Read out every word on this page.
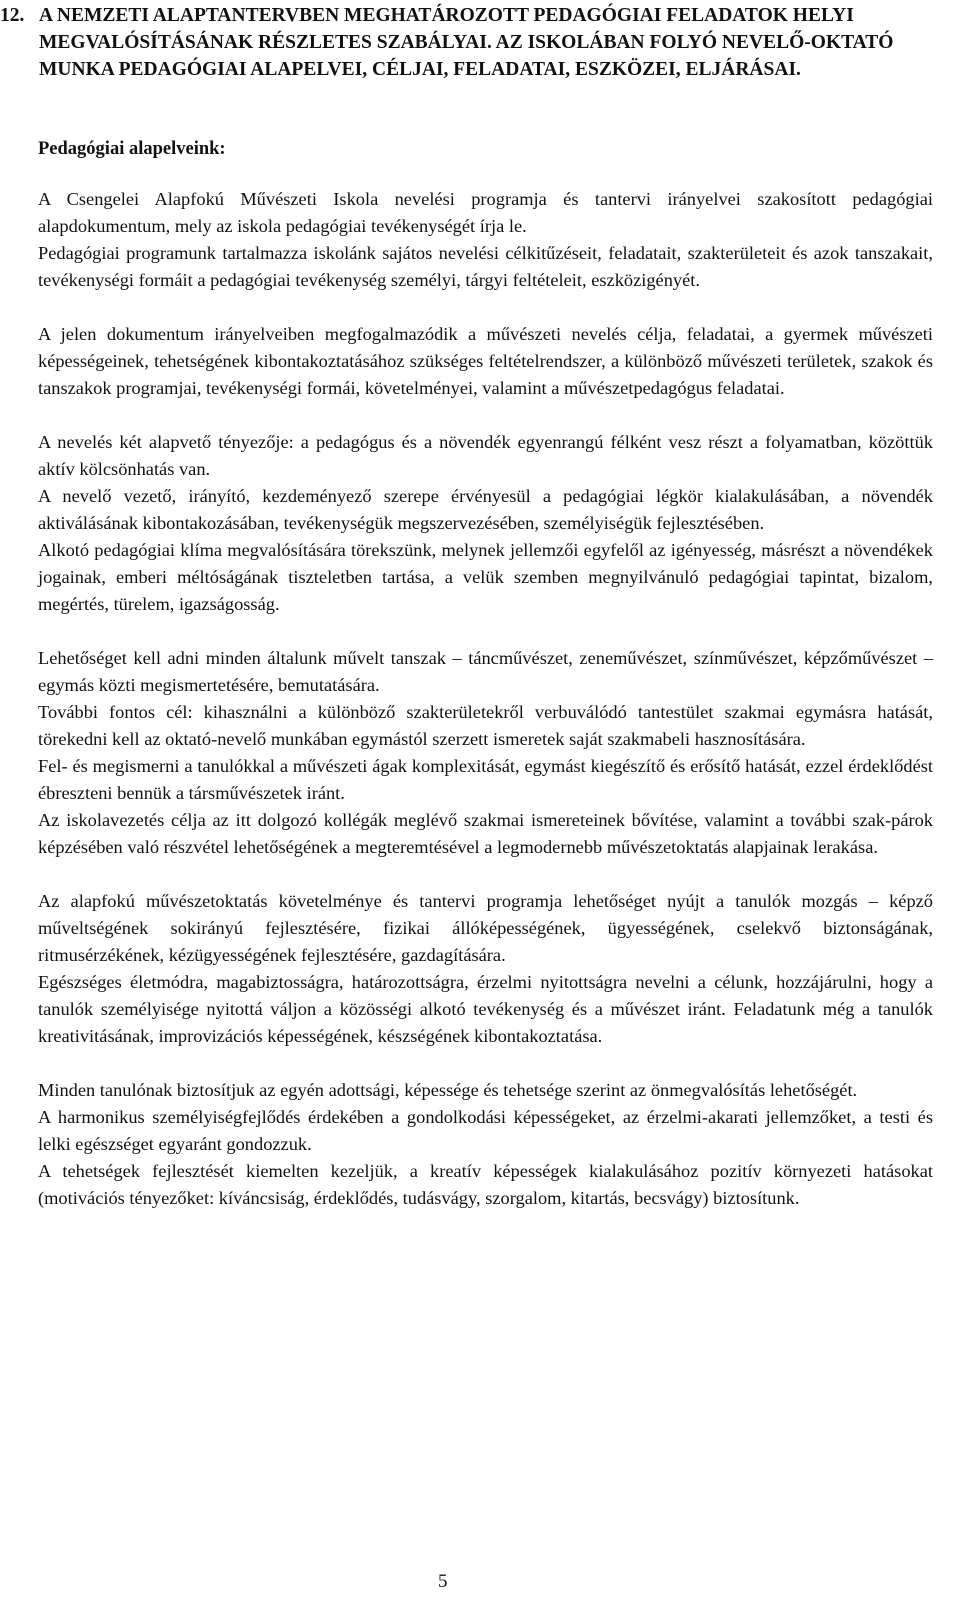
12. A NEMZETI ALAPTANTERVBEN MEGHATÁROZOTT PEDAGÓGIAI FELADATOK HELYI MEGVALÓSÍTÁSÁNAK RÉSZLETES SZABÁLYAI. AZ ISKOLÁBAN FOLYÓ NEVELŐ-OKTATÓ MUNKA PEDAGÓGIAI ALAPELVEI, CÉLJAI, FELADATAI, ESZKÖZEI, ELJÁRÁSAI.
Pedagógiai alapelveink:

A Csengelei Alapfokú Művészeti Iskola nevelési programja és tantervi irányelvei szakosított pedagógiai alapdokumentum, mely az iskola pedagógiai tevékenységét írja le.

Pedagógiai programunk tartalmazza iskolánk sajátos nevelési célkitűzéseit, feladatait, szakterületeit és azok tanszakait, tevékenységi formáit a pedagógiai tevékenység személyi, tárgyi feltételeit, eszközigényét.

A jelen dokumentum irányelveiben megfogalmazódik a művészeti nevelés célja, feladatai, a gyermek művészeti képességeinek, tehetségének kibontakoztatásához szükséges feltételrendszer, a különböző művészeti területek, szakok és tanszakok programjai, tevékenységi formái, követelményei, valamint a művészetpedagógus feladatai.

A nevelés két alapvető tényezője: a pedagógus és a növendék egyenrangú félként vesz részt a folyamatban, közöttük aktív kölcsönhatás van.

A nevelő vezető, irányító, kezdeményező szerepe érvényesül a pedagógiai légkör kialakulásában, a növendék aktiválásának kibontakozásában, tevékenységük megszervezésében, személyiségük fejlesztésében.

Alkotó pedagógiai klíma megvalósítására törekszünk, melynek jellemzői egyfelől az igényesség, másrészt a növendékek jogainak, emberi méltóságának tiszteletben tartása, a velük szemben megnyilvánuló pedagógiai tapintat, bizalom, megértés, türelem, igazságosság.

Lehetőséget kell adni minden általunk művelt tanszak – táncművészet, zeneművészet, színművészet, képzőművészet – egymás közti megismertetésére, bemutatására.

További fontos cél: kihasználni a különböző szakterületekről verbuválódó tantestület szakmai egymásra hatását, törekedni kell az oktató-nevelő munkában egymástól szerzett ismeretek saját szakmabeli hasznosítására.

Fel- és megismerni a tanulókkal a művészeti ágak komplexitását, egymást kiegészítő és erősítő hatását, ezzel érdeklődést ébreszteni bennük a társművészetek iránt.

Az iskolavezetés célja az itt dolgozó kollégák meglévő szakmai ismereteinek bővítése, valamint a további szak-párok képzésében való részvétel lehetőségének a megteremtésével a legmodernebb művészetoktatás alapjainak lerakása.

Az alapfokú művészetoktatás követelménye és tantervi programja lehetőséget nyújt a tanulók mozgás – képző műveltségének sokirányú fejlesztésére, fizikai állóképességének, ügyességének, cselekvő biztonságának, ritmusérzékének, kézügyességének fejlesztésére, gazdagítására.

Egészséges életmódra, magabiztosságra, határozottságra, érzelmi nyitottságra nevelni a célunk, hozzájárulni, hogy a tanulók személyisége nyitottá váljon a közösségi alkotó tevékenység és a művészet iránt. Feladatunk még a tanulók kreativitásának, improvizációs képességének, készségének kibontakoztatása.

Minden tanulónak biztosítjuk az egyén adottsági, képessége és tehetsége szerint az önmegvalósítás lehetőségét.

A harmonikus személyiségfejlődés érdekében a gondolkodási képességeket, az érzelmi-akarati jellemzőket, a testi és lelki egészséget egyaránt gondozzuk.

A tehetségek fejlesztését kiemelten kezeljük, a kreatív képességek kialakulásához pozitív környezeti hatásokat (motivációs tényezőket: kíváncsiság, érdeklődés, tudásvágy, szorgalom, kitartás, becsvágy) biztosítunk.

5
